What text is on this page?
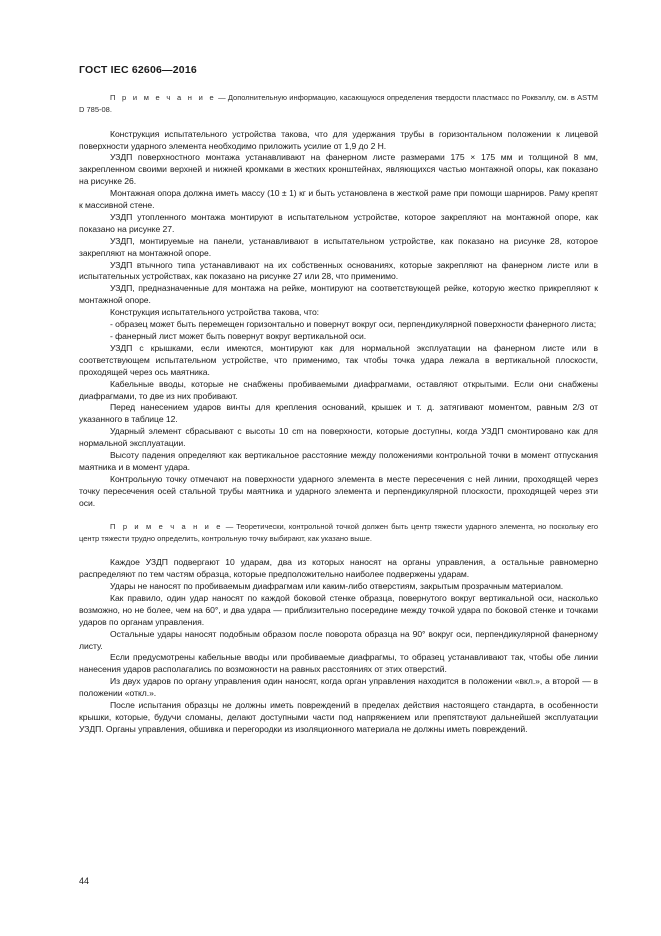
ГОСТ IEC 62606—2016

П р и м е ч а н и е — Дополнительную информацию, касающуюся определения твердости пластмасс по Роквэллу, см. в ASTM D 785-08.

Конструкция испытательного устройства такова, что для удержания трубы в горизонтальном положении к лицевой поверхности ударного элемента необходимо приложить усилие от 1,9 до 2 Н.

УЗДП поверхностного монтажа устанавливают на фанерном листе размерами 175 × 175 мм и толщиной 8 мм, закрепленном своими верхней и нижней кромками в жестких кронштейнах, являющихся частью монтажной опоры, как показано на рисунке 26.

Монтажная опора должна иметь массу (10 ± 1) кг и быть установлена в жесткой раме при помощи шарниров. Раму крепят к массивной стене.

УЗДП утопленного монтажа монтируют в испытательном устройстве, которое закрепляют на монтажной опоре, как показано на рисунке 27.

УЗДП, монтируемые на панели, устанавливают в испытательном устройстве, как показано на рисунке 28, которое закрепляют на монтажной опоре.

УЗДП втычного типа устанавливают на их собственных основаниях, которые закрепляют на фанерном листе или в испытательных устройствах, как показано на рисунке 27 или 28, что применимо.

УЗДП, предназначенные для монтажа на рейке, монтируют на соответствующей рейке, которую жестко прикрепляют к монтажной опоре.

Конструкция испытательного устройства такова, что:

- образец может быть перемещен горизонтально и повернут вокруг оси, перпендикулярной поверхности фанерного листа;

- фанерный лист может быть повернут вокруг вертикальной оси.

УЗДП с крышками, если имеются, монтируют как для нормальной эксплуатации на фанерном листе или в соответствующем испытательном устройстве, что применимо, так чтобы точка удара лежала в вертикальной плоскости, проходящей через ось маятника.

Кабельные вводы, которые не снабжены пробиваемыми диафрагмами, оставляют открытыми. Если они снабжены диафрагмами, то две из них пробивают.

Перед нанесением ударов винты для крепления оснований, крышек и т. д. затягивают моментом, равным 2/3 от указанного в таблице 12.

Ударный элемент сбрасывают с высоты 10 cm на поверхности, которые доступны, когда УЗДП смонтировано как для нормальной эксплуатации.

Высоту падения определяют как вертикальное расстояние между положениями контрольной точки в момент отпускания маятника и в момент удара.

Контрольную точку отмечают на поверхности ударного элемента в месте пересечения с ней линии, проходящей через точку пересечения осей стальной трубы маятника и ударного элемента и перпендикулярной плоскости, проходящей через эти оси.

П р и м е ч а н и е — Теоретически, контрольной точкой должен быть центр тяжести ударного элемента, но поскольку его центр тяжести трудно определить, контрольную точку выбирают, как указано выше.

Каждое УЗДП подвергают 10 ударам, два из которых наносят на органы управления, а остальные равномерно распределяют по тем частям образца, которые предположительно наиболее подвержены ударам.

Удары не наносят по пробиваемым диафрагмам или каким-либо отверстиям, закрытым прозрачным материалом.

Как правило, один удар наносят по каждой боковой стенке образца, повернутого вокруг вертикальной оси, насколько возможно, но не более, чем на 60°, и два удара — приблизительно посередине между точкой удара по боковой стенке и точками ударов по органам управления.

Остальные удары наносят подобным образом после поворота образца на 90° вокруг оси, перпендикулярной фанерному листу.

Если предусмотрены кабельные вводы или пробиваемые диафрагмы, то образец устанавливают так, чтобы обе линии нанесения ударов располагались по возможности на равных расстояниях от этих отверстий.

Из двух ударов по органу управления один наносят, когда орган управления находится в положении «вкл.», а второй — в положении «откл.».

После испытания образцы не должны иметь повреждений в пределах действия настоящего стандарта, в особенности крышки, которые, будучи сломаны, делают доступными части под напряжением или препятствуют дальнейшей эксплуатации УЗДП. Органы управления, обшивка и перегородки из изоляционного материала не должны иметь повреждений.

44
